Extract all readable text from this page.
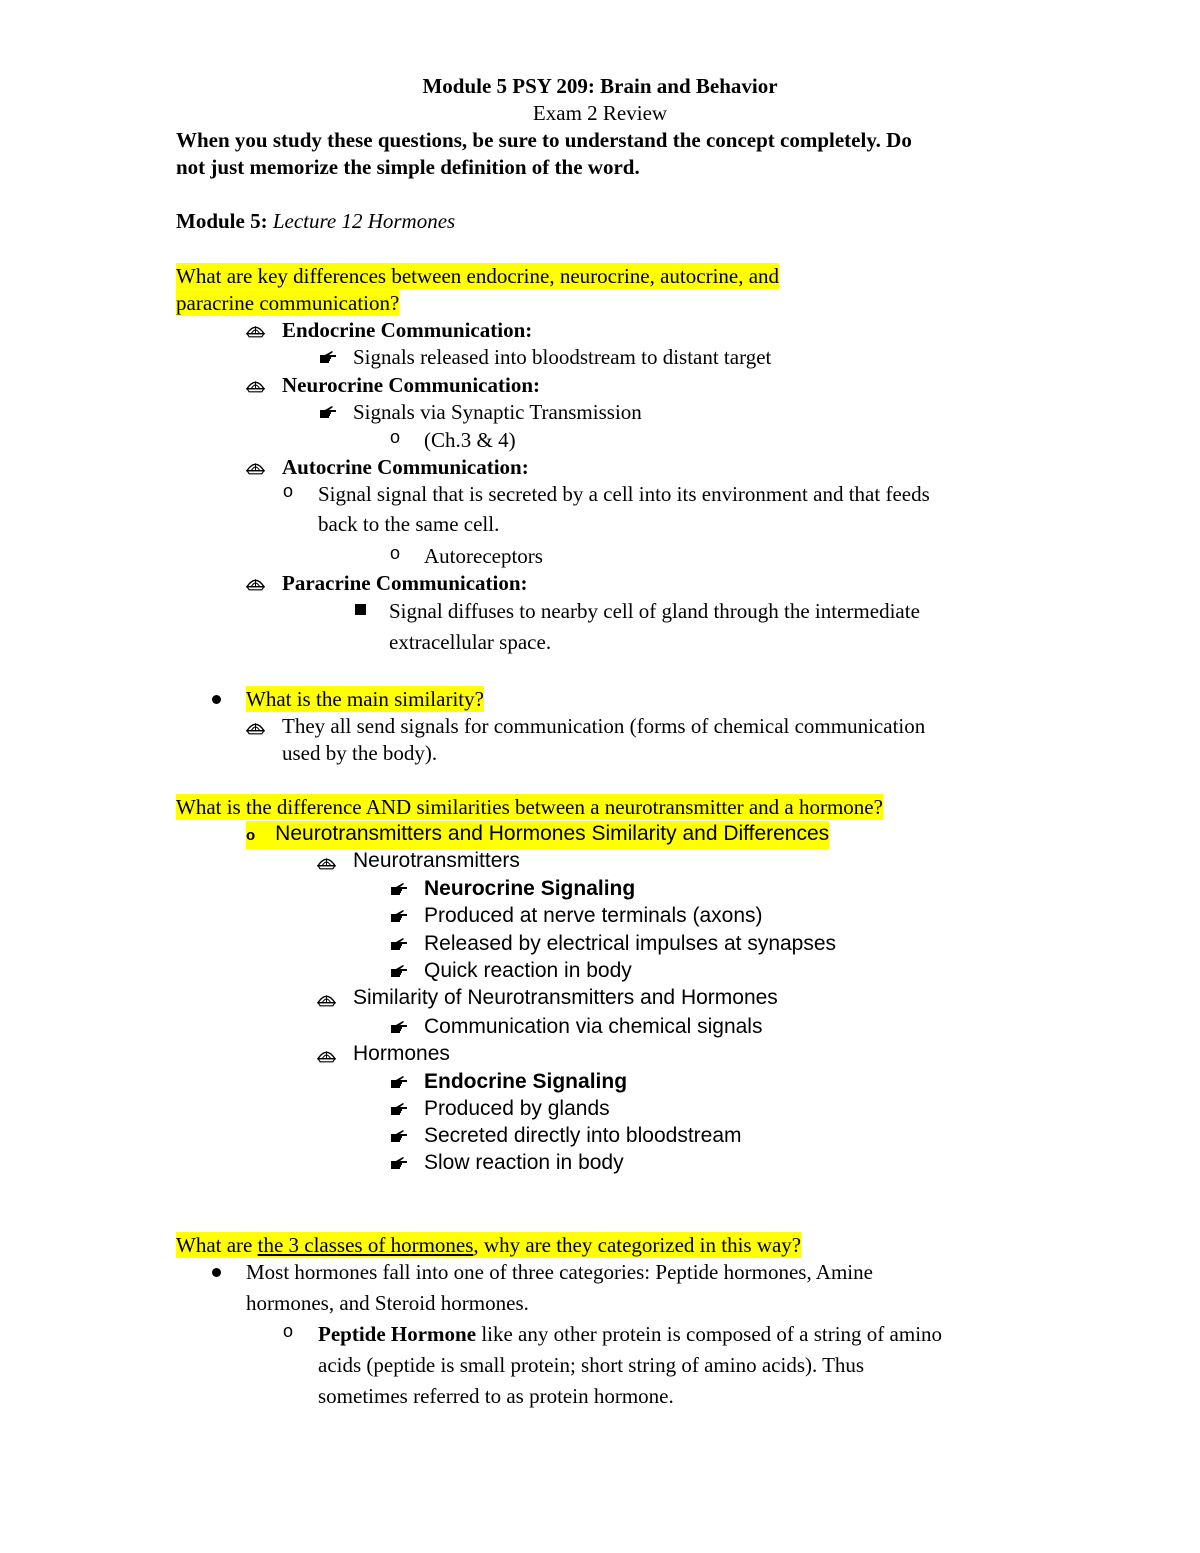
Module 5 PSY 209: Brain and Behavior
Exam 2 Review
When you study these questions, be sure to understand the concept completely. Do
not just memorize the simple definition of the word.
Module 5: Lecture 12 Hormones
What are key differences between endocrine, neurocrine, autocrine, and
paracrine communication?
Endocrine Communication:
Signals released into bloodstream to distant target
Neurocrine Communication:
Signals via Synaptic Transmission
o (Ch.3 & 4)
Autocrine Communication:
o Signal signal that is secreted by a cell into its environment and that feeds
back to the same cell.
o Autoreceptors
Paracrine Communication:
Signal diffuses to nearby cell of gland through the intermediate
extracellular space.
What is the main similarity?
They all send signals for communication (forms of chemical communication
used by the body).
What is the difference AND similarities between a neurotransmitter and a hormone?
o Neurotransmitters and Hormones Similarity and Differences
Neurotransmitters
Neurocrine Signaling
Produced at nerve terminals (axons)
Released by electrical impulses at synapses
Quick reaction in body
Similarity of Neurotransmitters and Hormones
Communication via chemical signals
Hormones
Endocrine Signaling
Produced by glands
Secreted directly into bloodstream
Slow reaction in body
What are the 3 classes of hormones, why are they categorized in this way?
Most hormones fall into one of three categories: Peptide hormones, Amine
hormones, and Steroid hormones.
o Peptide Hormone like any other protein is composed of a string of amino
acids (peptide is small protein; short string of amino acids). Thus
sometimes referred to as protein hormone.
